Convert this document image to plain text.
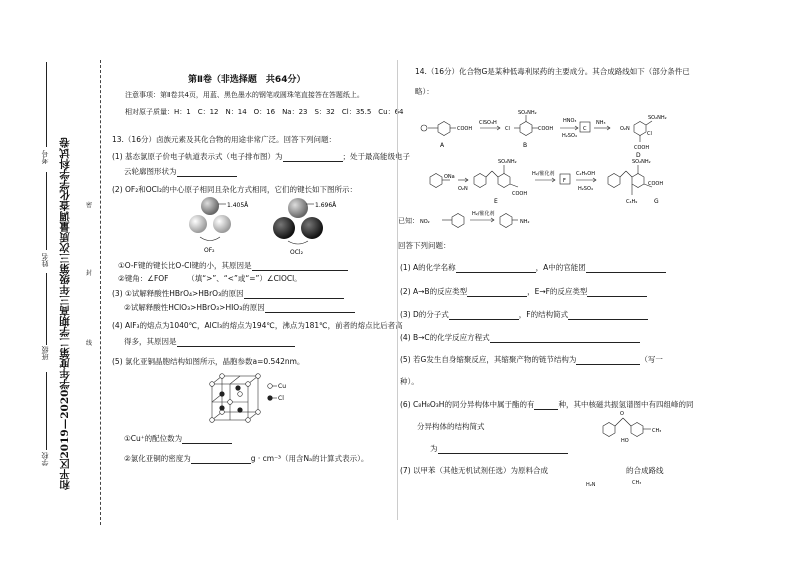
密
封
线
和平区2019—2020学年度第二学期高三年级第三次质量调查化学学科试卷
考号
姓名
班级
学校
第Ⅱ卷（非选择题　共64分）
注意事项：第Ⅱ卷共4页，用蓝、黑色墨水的钢笔或圆珠笔直接答在答题纸上。
相对原子质量：H：1　C：12　N：14　O：16　Na：23　S：32　Cl：35.5　Cu：64
13.（16分）卤族元素及其化合物的用途非常广泛。回答下列问题：
(1) 基态氯原子价电子轨道表示式（电子排布图）为	；处于最高能级电子
云轮廓图形状为
(2) OF₂和OCl₂的中心原子相同且杂化方式相同，它们的键长如下图所示：
1.405Å
OF₂
1.696Å
OCl₂
①O-F键的键长比O-Cl键的小，其原因是
②键角：∠FOF　　　（填“>”、“<”或“=”）∠ClOCl。
(3) ①试解释酸性HBrO₄>HBrO₃的原因
②试解释酸性HClO₃>HBrO₃>HIO₃的原因
(4) AlF₃的熔点为1040℃，AlCl₃的熔点为194℃，沸点为181℃，前者的熔点比后者高
得多，其原因是
(5) 氯化亚铜晶胞结构如图所示，晶胞参数a=0.542nm。
Cu
Cl
①Cu⁺的配位数为
②氯化亚铜的密度为	g · cm⁻³（用含Nₐ的计算式表示）。
14.（16分）化合物G是某种低毒利尿药的主要成分。其合成路线如下（部分条件已
略）：
COOH
ClSO₃H
Cl	COOH
SO₂NH₂
HNO₃
H₂SO₄
C
NH₃
O₂N
SO₂NH₂
Cl
COOH
ONa
SO₂NH₂
O₂N
COOH
H₂/催化剂
F
C₂H₅OH
H₂SO₄
SO₂NH₂
COOH
C₄H₉
NO₂
H₂/催化剂
NH₂
A	B
D
E	G
已知：
回答下列问题：
(1) A的化学名称	，A中的官能团
(2) A→B的反应类型	，E→F的反应类型
(3) D的分子式	，F的结构简式
(4) B→C的化学反应方程式
(5) 若G发生自身缩聚反应，其缩聚产物的链节结构为	（写一
种）。
(6) C₈H₈O₃H的同分异构体中属于酯的有	种，其中核磁共振氢谱图中有四组峰的同
分异构体的结构简式
O
HO
CH₃
为
(7) 以甲苯（其他无机试剂任选）为原料合成	的合成路线
H₂N	CH₃
